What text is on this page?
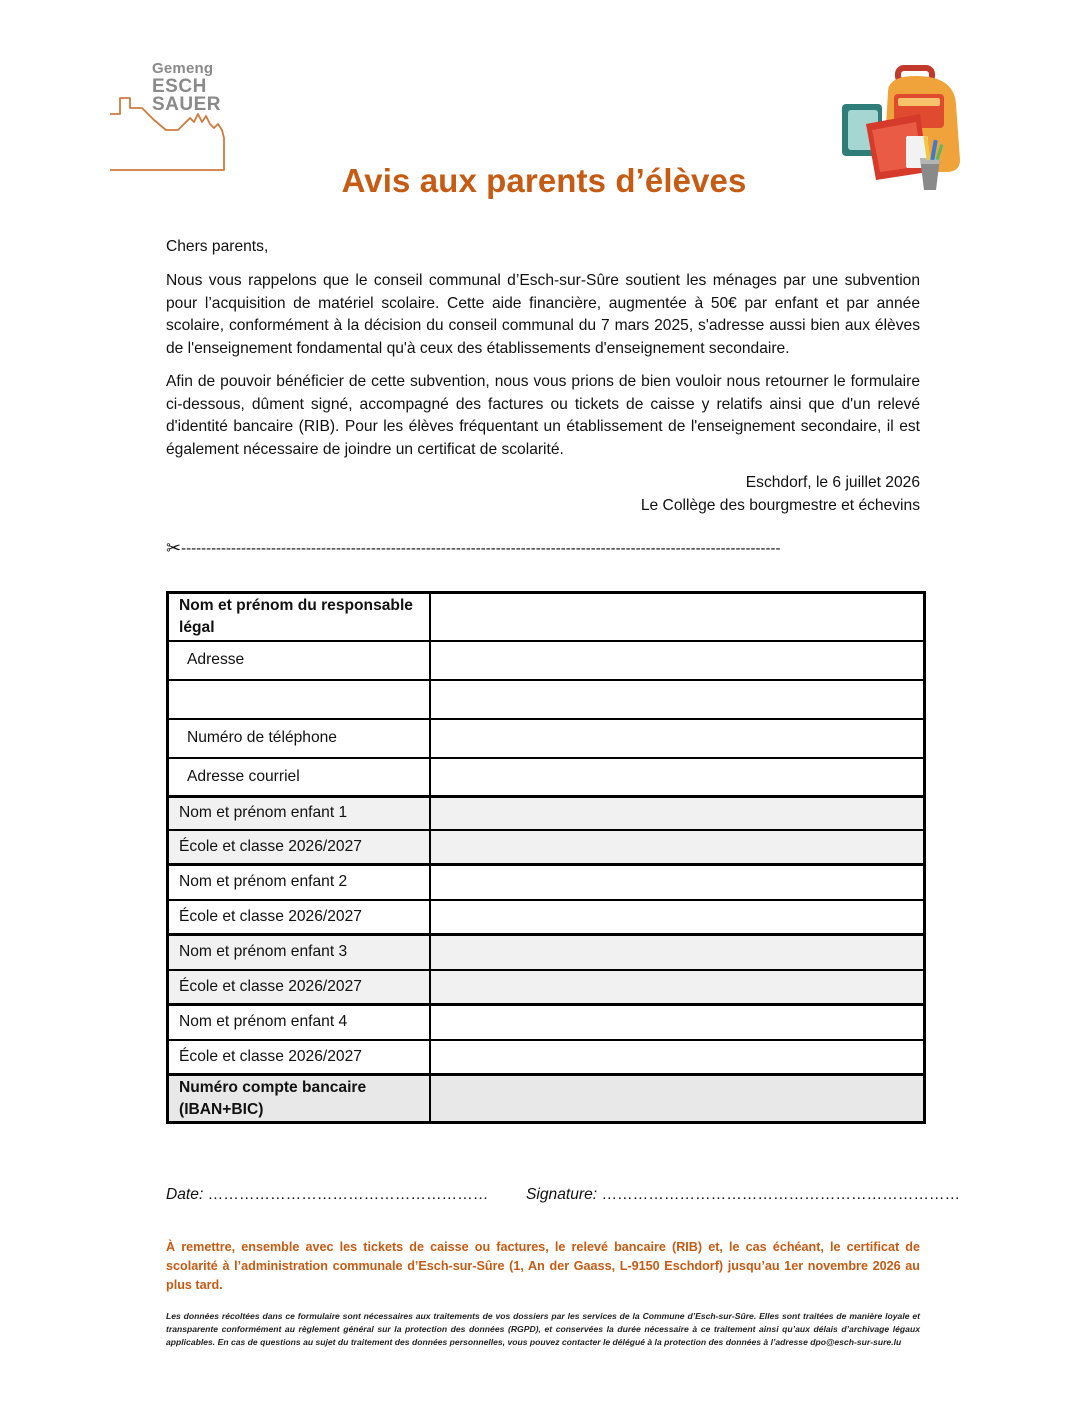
Gemeng
ESCH
SAUER
Avis aux parents d’élèves
Chers parents,
Nous vous rappelons que le conseil communal d’Esch-sur-Sûre soutient les ménages par une subvention pour l’acquisition de matériel scolaire. Cette aide financière, augmentée à 50€ par enfant et par année scolaire, conformément à la décision du conseil communal du 7 mars 2025, s'adresse aussi bien aux élèves de l'enseignement fondamental qu'à ceux des établissements d'enseignement secondaire.
Afin de pouvoir bénéficier de cette subvention, nous vous prions de bien vouloir nous retourner le formulaire ci-dessous, dûment signé, accompagné des factures ou tickets de caisse y relatifs ainsi que d'un relevé d'identité bancaire (RIB). Pour les élèves fréquentant un établissement de l'enseignement secondaire, il est également nécessaire de joindre un certificat de scolarité.
Eschdorf, le 6 juillet 2026
Le Collège des bourgmestre et échevins
✂------------------------------------------------------------------------------------------------------------------------
Nom et prénom du responsable légal	
Adresse	

Numéro de téléphone	
Adresse courriel	
Nom et prénom enfant 1	
École et classe 2026/2027	
Nom et prénom enfant 2	
École et classe 2026/2027	
Nom et prénom enfant 3	
École et classe 2026/2027	
Nom et prénom enfant 4	
École et classe 2026/2027	
Numéro compte bancaire (IBAN+BIC)	
Date: ……………………………………………… Signature: ……………………………………………………………
À remettre, ensemble avec les tickets de caisse ou factures, le relevé bancaire (RIB) et, le cas échéant, le certificat de scolarité à l’administration communale d’Esch-sur-Sûre (1, An der Gaass, L-9150 Eschdorf) jusqu’au 1er novembre 2026 au plus tard.
Les données récoltées dans ce formulaire sont nécessaires aux traitements de vos dossiers par les services de la Commune d’Esch-sur-Sûre. Elles sont traitées de manière loyale et transparente conformément au règlement général sur la protection des données (RGPD), et conservées la durée nécessaire à ce traitement ainsi qu’aux délais d’archivage légaux applicables. En cas de questions au sujet du traitement des données personnelles, vous pouvez contacter le délégué à la protection des données à l’adresse dpo@esch-sur-sure.lu
